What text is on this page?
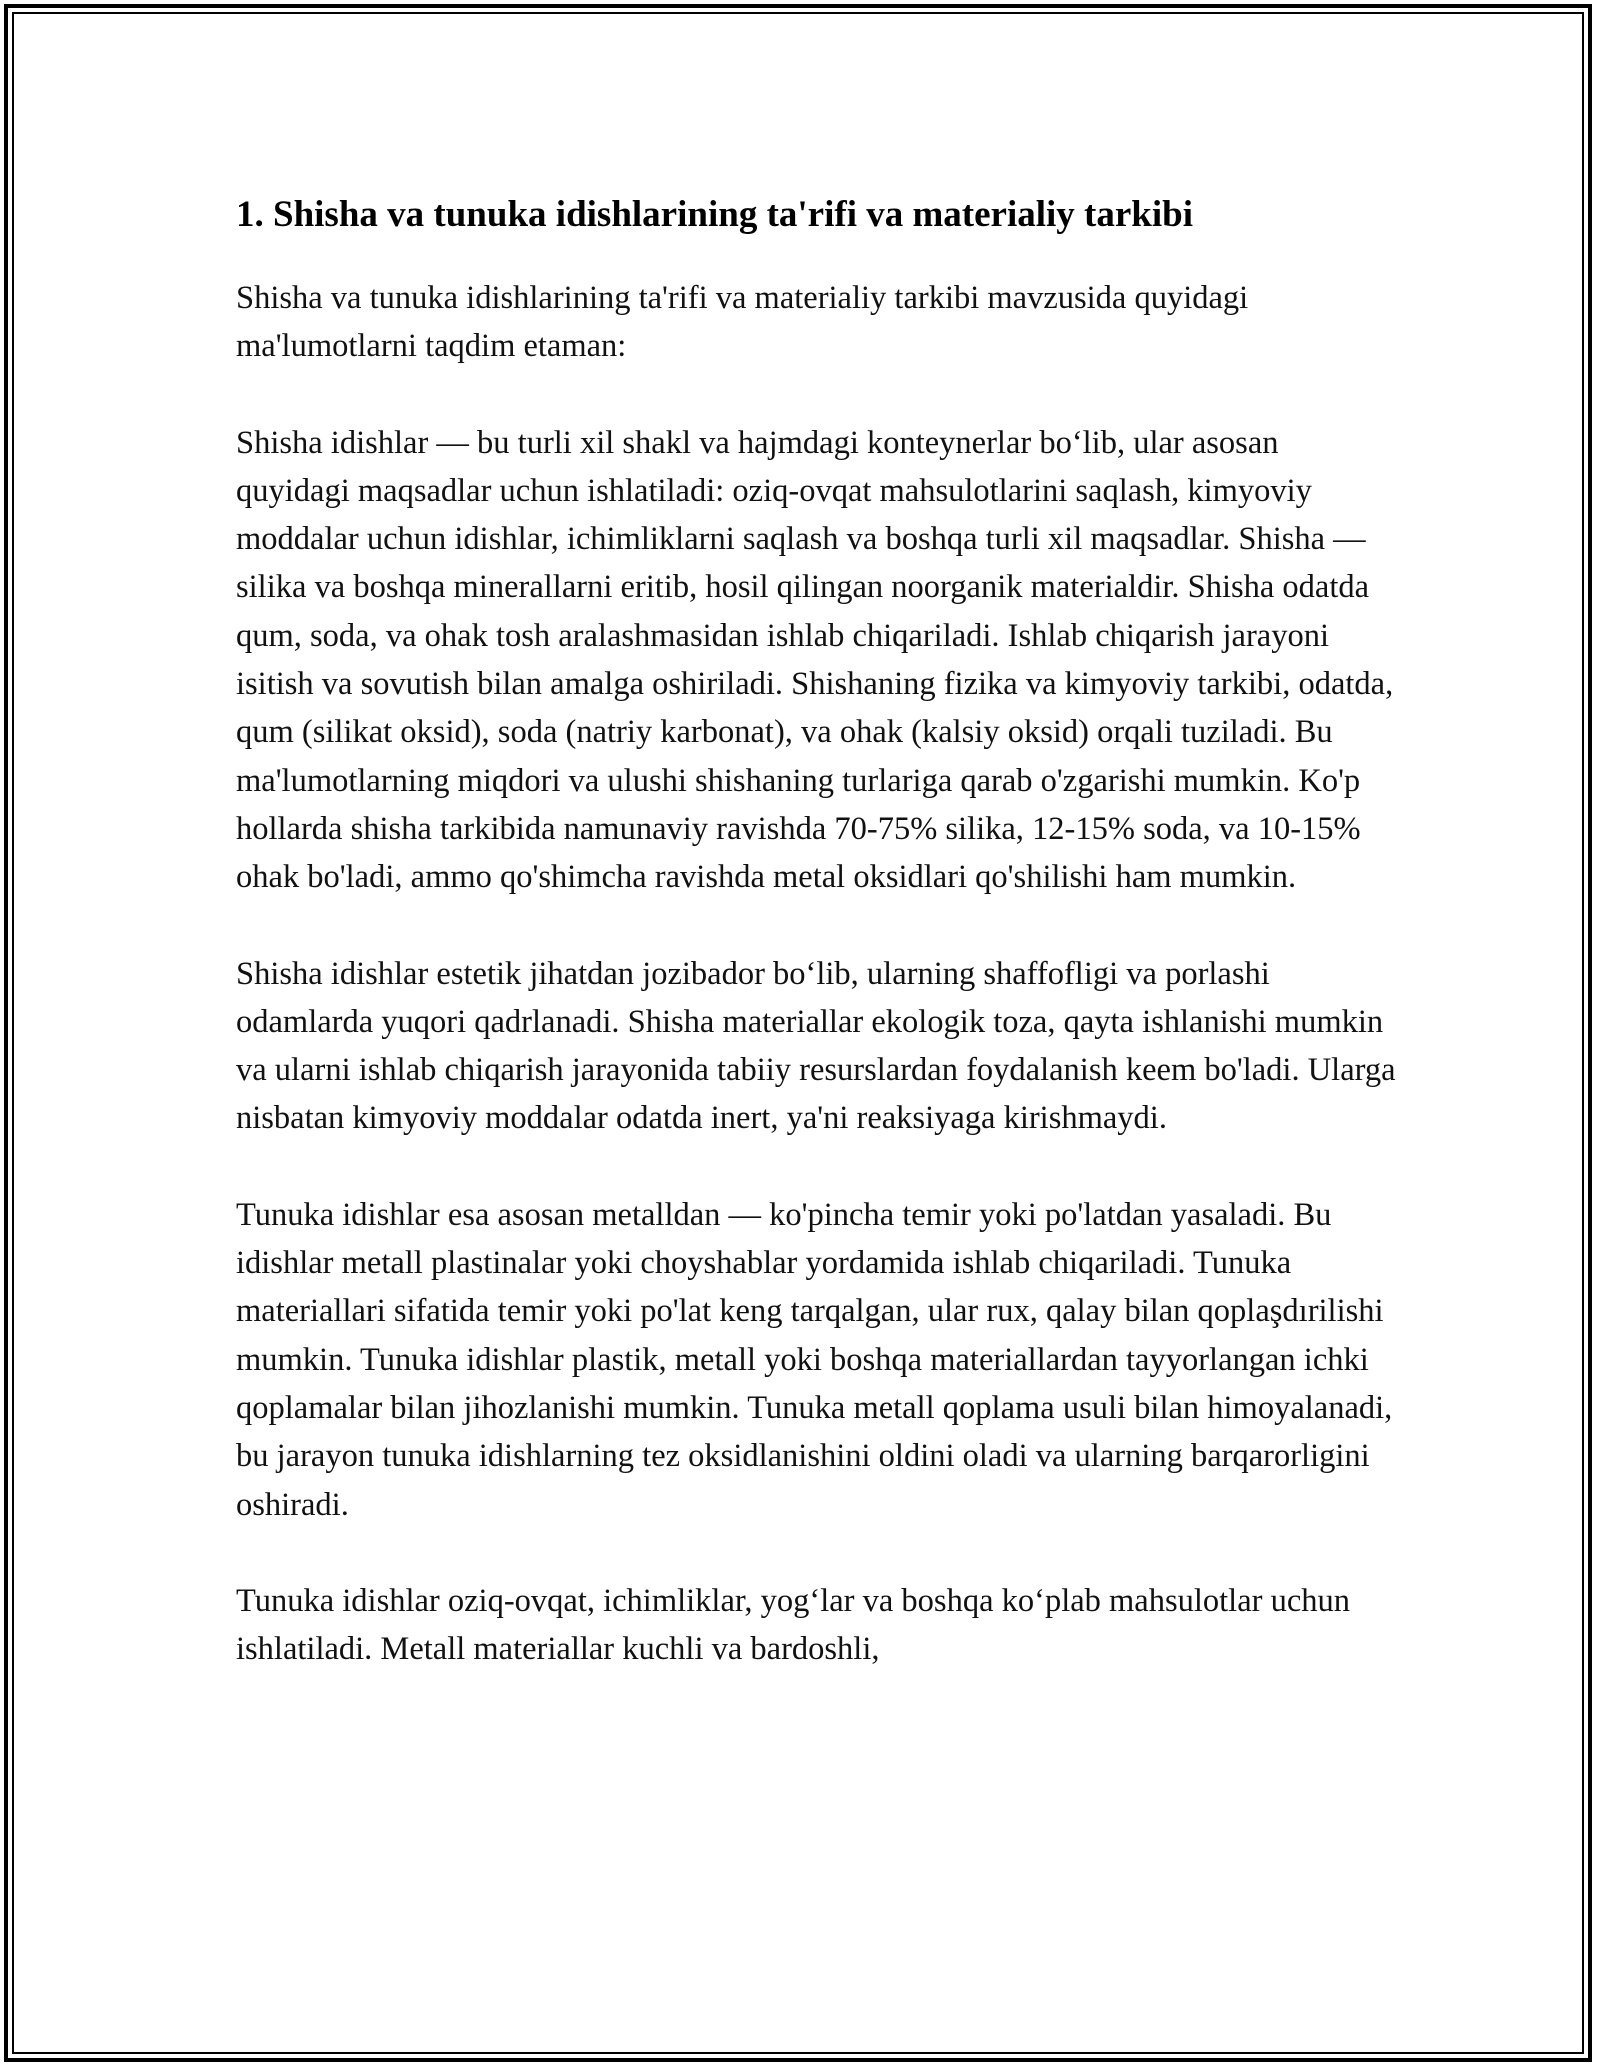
1. Shisha va tunuka idishlarining ta'rifi va materialiy tarkibi

Shisha va tunuka idishlarining ta'rifi va materialiy tarkibi mavzusida quyidagi ma'lumotlarni taqdim etaman:

Shisha idishlar — bu turli xil shakl va hajmdagi konteynerlar bo‘lib, ular asosan quyidagi maqsadlar uchun ishlatiladi: oziq-ovqat mahsulotlarini saqlash, kimyoviy moddalar uchun idishlar, ichimliklarni saqlash va boshqa turli xil maqsadlar. Shisha — silika va boshqa minerallarni eritib, hosil qilingan noorganik materialdir. Shisha odatda qum, soda, va ohak tosh aralashmasidan ishlab chiqariladi. Ishlab chiqarish jarayoni isitish va sovutish bilan amalga oshiriladi. Shishaning fizika va kimyoviy tarkibi, odatda, qum (silikat oksid), soda (natriy karbonat), va ohak (kalsiy oksid) orqali tuziladi. Bu ma'lumotlarning miqdori va ulushi shishaning turlariga qarab o'zgarishi mumkin. Ko'p hollarda shisha tarkibida namunaviy ravishda 70-75% silika, 12-15% soda, va 10-15% ohak bo'ladi, ammo qo'shimcha ravishda metal oksidlari qo'shilishi ham mumkin.

Shisha idishlar estetik jihatdan jozibador bo‘lib, ularning shaffofligi va porlashi odamlarda yuqori qadrlanadi. Shisha materiallar ekologik toza, qayta ishlanishi mumkin va ularni ishlab chiqarish jarayonida tabiiy resurslardan foydalanish keem bo'ladi. Ularga nisbatan kimyoviy moddalar odatda inert, ya'ni reaksiyaga kirishmaydi.

Tunuka idishlar esa asosan metalldan — ko'pincha temir yoki po'latdan yasaladi. Bu idishlar metall plastinalar yoki choyshablar yordamida ishlab chiqariladi. Tunuka materiallari sifatida temir yoki po'lat keng tarqalgan, ular rux, qalay bilan qoplaşdırilishi mumkin. Tunuka idishlar plastik, metall yoki boshqa materiallardan tayyorlangan ichki qoplamalar bilan jihozlanishi mumkin. Tunuka metall qoplama usuli bilan himoyalanadi, bu jarayon tunuka idishlarning tez oksidlanishini oldini oladi va ularning barqarorligini oshiradi.

Tunuka idishlar oziq-ovqat, ichimliklar, yog‘lar va boshqa ko‘plab mahsulotlar uchun ishlatiladi. Metall materiallar kuchli va bardoshli,
